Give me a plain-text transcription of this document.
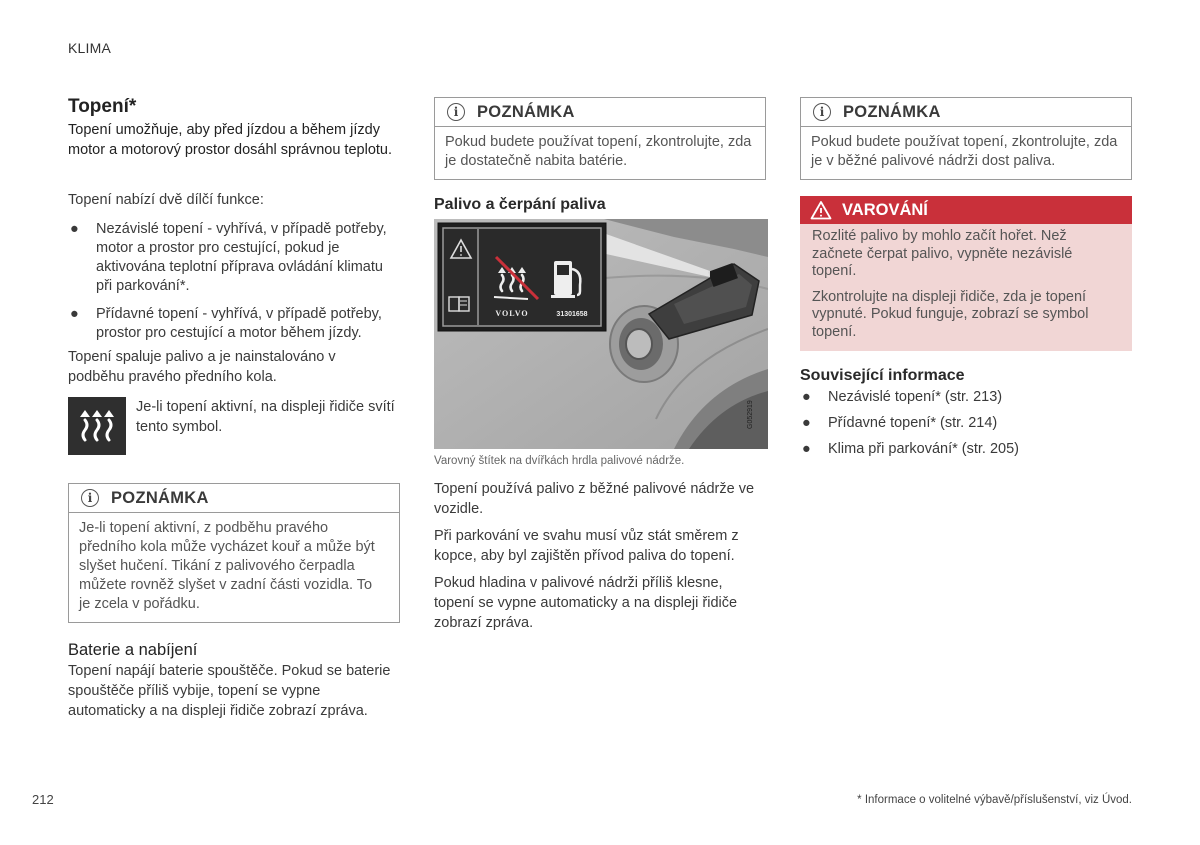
KLIMA
Topení*

Topení umožňuje, aby před jízdou a během jízdy motor a motorový prostor dosáhl správnou teplotu.

Topení nabízí dvě dílčí funkce:

● Nezávislé topení - vyhřívá, v případě potřeby, motor a prostor pro cestující, pokud je aktivována teplotní příprava ovládání klimatu při parkování*.
● Přídavné topení - vyhřívá, v případě potřeby, prostor pro cestující a motor během jízdy.

Topení spaluje palivo a je nainstalováno v podběhu pravého předního kola.

Je-li topení aktivní, na displeji řidiče svítí tento symbol.

i	POZNÁMKA
Je-li topení aktivní, z podběhu pravého předního kola může vycházet kouř a může být slyšet hučení. Tikání z palivového čerpadla můžete rovněž slyšet v zadní části vozidla. To je zcela v pořádku.
Baterie a nabíjení

Topení napájí baterie spouštěče. Pokud se baterie spouštěče příliš vybije, topení se vypne automaticky a na displeji řidiče zobrazí zpráva.

i	POZNÁMKA
Pokud budete používat topení, zkontrolujte, zda je dostatečně nabita batérie.
Palivo a čerpání paliva
VOLVO	31301658
G052919

Varovný štítek na dvířkách hrdla palivové nádrže.

Topení používá palivo z běžné palivové nádrže ve vozidle.

Při parkování ve svahu musí vůz stát směrem z kopce, aby byl zajištěn přívod paliva do topení.

Pokud hladina v palivové nádrži příliš klesne, topení se vypne automaticky a na displeji řidiče zobrazí zpráva.

i	POZNÁMKA
Pokud budete používat topení, zkontrolujte, zda je v běžné palivové nádrži dost paliva.
VAROVÁNÍ

Rozlité palivo by mohlo začít hořet. Než začnete čerpat palivo, vypněte nezávislé topení.

Zkontrolujte na displeji řidiče, zda je topení vypnuté. Pokud funguje, zobrazí se symbol topení.

Související informace
● Nezávislé topení* (str. 213)
● Přídavné topení* (str. 214)
● Klima při parkování* (str. 205)
212	* Informace o volitelné výbavě/příslušenství, viz Úvod.
